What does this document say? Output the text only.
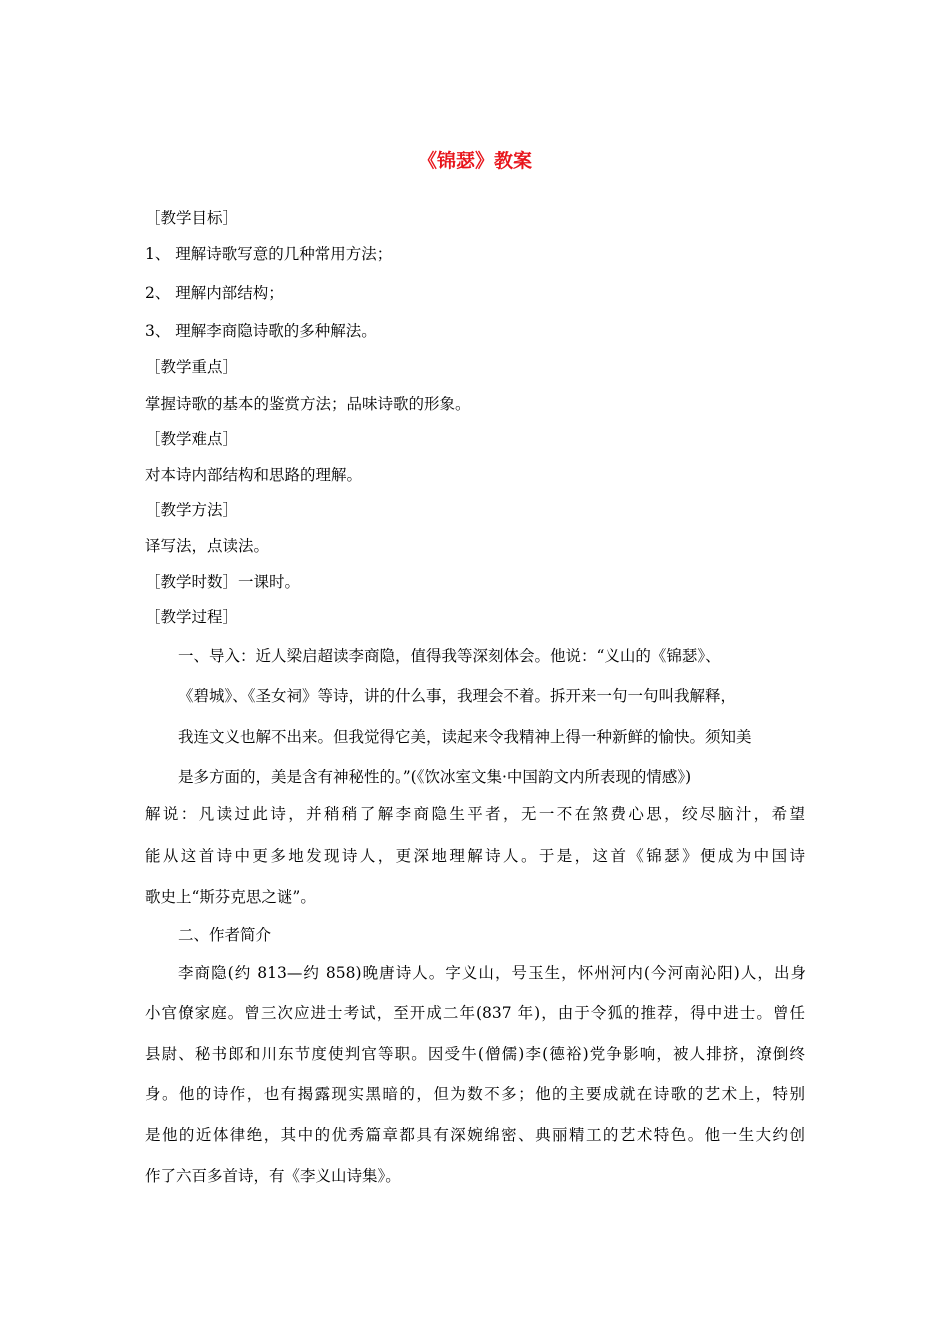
《锦瑟》教案
［教学目标］
1、 理解诗歌写意的几种常用方法；
2、 理解内部结构；
3、 理解李商隐诗歌的多种解法。
［教学重点］
掌握诗歌的基本的鉴赏方法；品味诗歌的形象。
［教学难点］
对本诗内部结构和思路的理解。
［教学方法］
译写法，点读法。
［教学时数］一课时。
［教学过程］
一、导入：近人梁启超读李商隐，值得我等深刻体会。他说：“义山的《锦瑟》、
《碧城》、《圣女祠》等诗，讲的什么事，我理会不着。拆开来一句一句叫我解释，
我连文义也解不出来。但我觉得它美，读起来令我精神上得一种新鲜的愉快。须知美
是多方面的，美是含有神秘性的。”(《饮冰室文集·中国韵文内所表现的情感》)
解说：凡读过此诗，并稍稍了解李商隐生平者，无一不在煞费心思，绞尽脑汁，希望
能从这首诗中更多地发现诗人，更深地理解诗人。于是，这首《锦瑟》便成为中国诗
歌史上“斯芬克思之谜”。
二、作者简介
李商隐(约 813—约 858)晚唐诗人。字义山，号玉生，怀州河内(今河南沁阳)人，出身
小官僚家庭。曾三次应进士考试，至开成二年(837 年)，由于令狐的推荐，得中进士。曾任
县尉、秘书郎和川东节度使判官等职。因受牛(僧儒)李(德裕)党争影响，被人排挤，潦倒终
身。他的诗作，也有揭露现实黑暗的，但为数不多；他的主要成就在诗歌的艺术上，特别
是他的近体律绝，其中的优秀篇章都具有深婉绵密、典丽精工的艺术特色。他一生大约创
作了六百多首诗，有《李义山诗集》。
